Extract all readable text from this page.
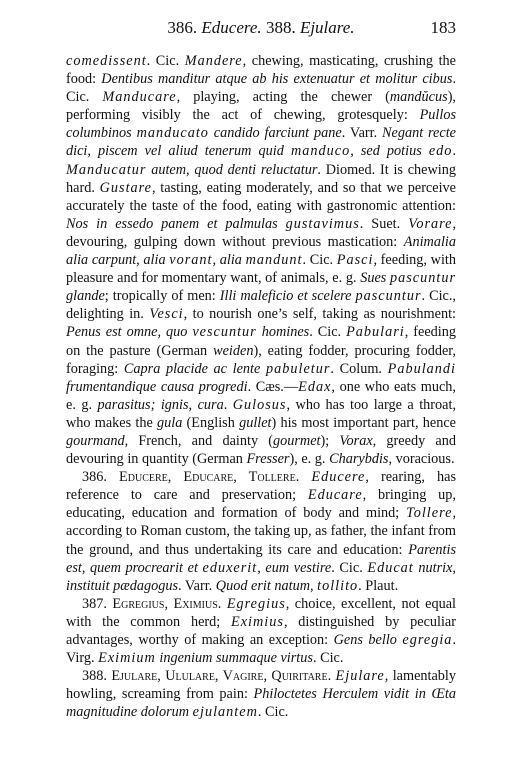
386. Educere. 388. Ejulare.	183

comedissent. Cic. Mandere, chewing, masticating, crushing the food: Dentibus manditur atque ab his extenuatur et molitur cibus. Cic. Manducare, playing, acting the chewer (mandŭcus), performing visibly the act of chewing, grotesquely: Pullos columbinos manducato candido farciunt pane. Varr. Negant recte dici, piscem vel aliud tenerum quid manduco, sed potius edo. Manducatur autem, quod denti reluctatur. Diomed. It is chewing hard. Gustare, tasting, eating moderately, and so that we perceive accurately the taste of the food, eating with gastronomic attention: Nos in essedo panem et palmulas gustavimus. Suet. Vorare, devouring, gulping down without previous mastication: Animalia alia carpunt, alia vorant, alia mandunt. Cic. Pasci, feeding, with pleasure and for momentary want, of animals, e. g. Sues pascuntur glande; tropically of men: Illi maleficio et scelere pascuntur. Cic., delighting in. Vesci, to nourish one’s self, taking as nourishment: Penus est omne, quo vescuntur homines. Cic. Pabulari, feeding on the pasture (German weiden), eating fodder, procuring fodder, foraging: Capra placide ac lente pabuletur. Colum. Pabulandi frumentandique causa progredi. Cæs.—Edax, one who eats much, e. g. parasitus; ignis, cura. Gulosus, who has too large a throat, who makes the gula (English gullet) his most important part, hence gourmand, French, and dainty (gourmet); Vorax, greedy and devouring in quantity (German Fresser), e. g. Charybdis, voracious.

386. Educere, Educare, Tollere. Educere, rearing, has reference to care and preservation; Educare, bringing up, educating, education and formation of body and mind; Tollere, according to Roman custom, the taking up, as father, the infant from the ground, and thus undertaking its care and education: Parentis est, quem procrearit et eduxerit, eum vestire. Cic. Educat nutrix, instituit pædagogus. Varr. Quod erit natum, tollito. Plaut.

387. Egregius, Eximius. Egregius, choice, excellent, not equal with the common herd; Eximius, distinguished by peculiar advantages, worthy of making an exception: Gens bello egregia. Virg. Eximium ingenium summaque virtus. Cic.

388. Ejulare, Ululare, Vagire, Quiritare. Ejulare, lamentably howling, screaming from pain: Philoctetes Herculem vidit in Œta magnitudine dolorum ejulantem. Cic.
